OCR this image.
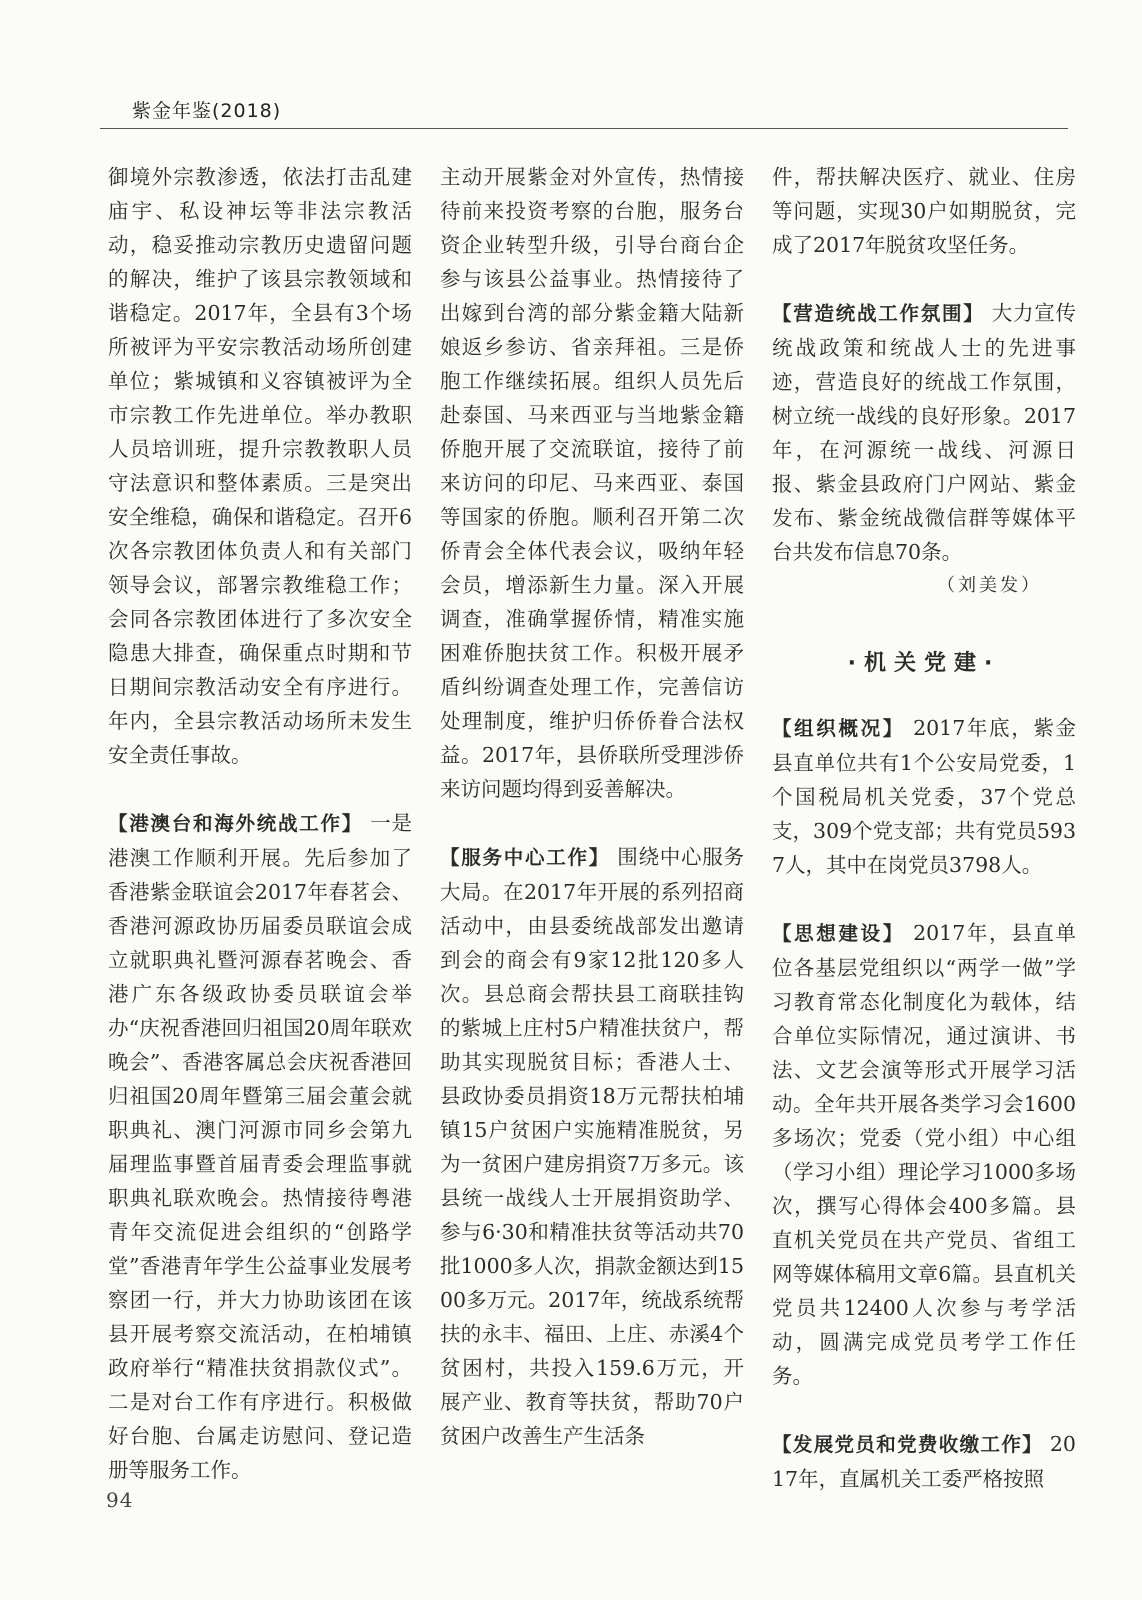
紫金年鉴(2018)

御境外宗教渗透，依法打击乱建庙宇、私设神坛等非法宗教活动，稳妥推动宗教历史遗留问题的解决，维护了该县宗教领域和谐稳定。2017年，全县有3个场所被评为平安宗教活动场所创建单位；紫城镇和义容镇被评为全市宗教工作先进单位。举办教职人员培训班，提升宗教教职人员守法意识和整体素质。三是突出安全维稳，确保和谐稳定。召开6次各宗教团体负责人和有关部门领导会议，部署宗教维稳工作；会同各宗教团体进行了多次安全隐患大排查，确保重点时期和节日期间宗教活动安全有序进行。年内，全县宗教活动场所未发生安全责任事故。

【港澳台和海外统战工作】 一是港澳工作顺利开展。先后参加了香港紫金联谊会2017年春茗会、香港河源政协历届委员联谊会成立就职典礼暨河源春茗晚会、香港广东各级政协委员联谊会举办“庆祝香港回归祖国20周年联欢晚会”、香港客属总会庆祝香港回归祖国20周年暨第三届会董会就职典礼、澳门河源市同乡会第九届理监事暨首届青委会理监事就职典礼联欢晚会。热情接待粤港青年交流促进会组织的“创路学堂”香港青年学生公益事业发展考察团一行，并大力协助该团在该县开展考察交流活动，在柏埔镇政府举行“精准扶贫捐款仪式”。二是对台工作有序进行。积极做好台胞、台属走访慰问、登记造册等服务工作。

主动开展紫金对外宣传，热情接待前来投资考察的台胞，服务台资企业转型升级，引导台商台企参与该县公益事业。热情接待了出嫁到台湾的部分紫金籍大陆新娘返乡参访、省亲拜祖。三是侨胞工作继续拓展。组织人员先后赴泰国、马来西亚与当地紫金籍侨胞开展了交流联谊，接待了前来访问的印尼、马来西亚、泰国等国家的侨胞。顺利召开第二次侨青会全体代表会议，吸纳年轻会员，增添新生力量。深入开展调查，准确掌握侨情，精准实施困难侨胞扶贫工作。积极开展矛盾纠纷调查处理工作，完善信访处理制度，维护归侨侨眷合法权益。2017年，县侨联所受理涉侨来访问题均得到妥善解决。

【服务中心工作】 围绕中心服务大局。在2017年开展的系列招商活动中，由县委统战部发出邀请到会的商会有9家12批120多人次。县总商会帮扶县工商联挂钩的紫城上庄村5户精准扶贫户，帮助其实现脱贫目标；香港人士、县政协委员捐资18万元帮扶柏埔镇15户贫困户实施精准脱贫，另为一贫困户建房捐资7万多元。该县统一战线人士开展捐资助学、参与6·30和精准扶贫等活动共70批1000多人次，捐款金额达到1500多万元。2017年，统战系统帮扶的永丰、福田、上庄、赤溪4个贫困村，共投入159.6万元，开展产业、教育等扶贫，帮助70户贫困户改善生产生活条

件，帮扶解决医疗、就业、住房等问题，实现30户如期脱贫，完成了2017年脱贫攻坚任务。

【营造统战工作氛围】 大力宣传统战政策和统战人士的先进事迹，营造良好的统战工作氛围，树立统一战线的良好形象。2017年，在河源统一战线、河源日报、紫金县政府门户网站、紫金发布、紫金统战微信群等媒体平台共发布信息70条。

（刘美发）

·机关党建·

【组织概况】 2017年底，紫金县直单位共有1个公安局党委，1个国税局机关党委，37个党总支，309个党支部；共有党员5937人，其中在岗党员3798人。

【思想建设】 2017年，县直单位各基层党组织以“两学一做”学习教育常态化制度化为载体，结合单位实际情况，通过演讲、书法、文艺会演等形式开展学习活动。全年共开展各类学习会1600多场次；党委（党小组）中心组（学习小组）理论学习1000多场次，撰写心得体会400多篇。县直机关党员在共产党员、省组工网等媒体稿用文章6篇。县直机关党员共12400人次参与考学活动，圆满完成党员考学工作任务。

【发展党员和党费收缴工作】 2017年，直属机关工委严格按照

94
